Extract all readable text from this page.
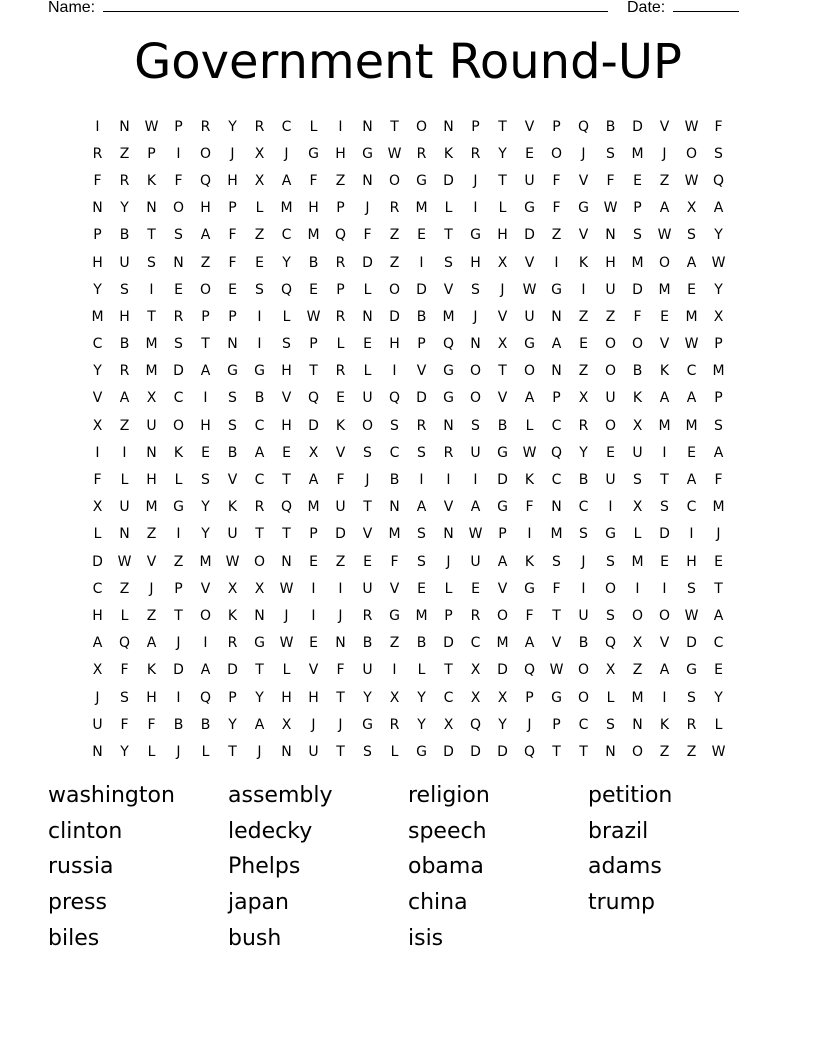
Name:	Date:
Government Round-UP
I	N	W	P	R	Y	R	C	L	I	N	T	O	N	P	T	V	P	Q	B	D	V	W	F
R	Z	P	I	O	J	X	J	G	H	G	W	R	K	R	Y	E	O	J	S	M	J	O	S
F	R	K	F	Q	H	X	A	F	Z	N	O	G	D	J	T	U	F	V	F	E	Z	W	Q
N	Y	N	O	H	P	L	M	H	P	J	R	M	L	I	L	G	F	G	W	P	A	X	A
P	B	T	S	A	F	Z	C	M	Q	F	Z	E	T	G	H	D	Z	V	N	S	W	S	Y
H	U	S	N	Z	F	E	Y	B	R	D	Z	I	S	H	X	V	I	K	H	M	O	A	W
Y	S	I	E	O	E	S	Q	E	P	L	O	D	V	S	J	W	G	I	U	D	M	E	Y
M	H	T	R	P	P	I	L	W	R	N	D	B	M	J	V	U	N	Z	Z	F	E	M	X
C	B	M	S	T	N	I	S	P	L	E	H	P	Q	N	X	G	A	E	O	O	V	W	P
Y	R	M	D	A	G	G	H	T	R	L	I	V	G	O	T	O	N	Z	O	B	K	C	M
V	A	X	C	I	S	B	V	Q	E	U	Q	D	G	O	V	A	P	X	U	K	A	A	P
X	Z	U	O	H	S	C	H	D	K	O	S	R	N	S	B	L	C	R	O	X	M	M	S
I	I	N	K	E	B	A	E	X	V	S	C	S	R	U	G	W	Q	Y	E	U	I	E	A
F	L	H	L	S	V	C	T	A	F	J	B	I	I	I	D	K	C	B	U	S	T	A	F
X	U	M	G	Y	K	R	Q	M	U	T	N	A	V	A	G	F	N	C	I	X	S	C	M
L	N	Z	I	Y	U	T	T	P	D	V	M	S	N	W	P	I	M	S	G	L	D	I	J
D	W	V	Z	M	W	O	N	E	Z	E	F	S	J	U	A	K	S	J	S	M	E	H	E
C	Z	J	P	V	X	X	W	I	I	U	V	E	L	E	V	G	F	I	O	I	I	S	T
H	L	Z	T	O	K	N	J	I	J	R	G	M	P	R	O	F	T	U	S	O	O	W	A
A	Q	A	J	I	R	G	W	E	N	B	Z	B	D	C	M	A	V	B	Q	X	V	D	C
X	F	K	D	A	D	T	L	V	F	U	I	L	T	X	D	Q	W	O	X	Z	A	G	E
J	S	H	I	Q	P	Y	H	H	T	Y	X	Y	C	X	X	P	G	O	L	M	I	S	Y
U	F	F	B	B	Y	A	X	J	J	G	R	Y	X	Q	Y	J	P	C	S	N	K	R	L
N	Y	L	J	L	T	J	N	U	T	S	L	G	D	D	D	Q	T	T	N	O	Z	Z	W
washington	assembly	religion	petition
clinton	ledecky	speech	brazil
russia	Phelps	obama	adams
press	japan	china	trump
biles	bush	isis
